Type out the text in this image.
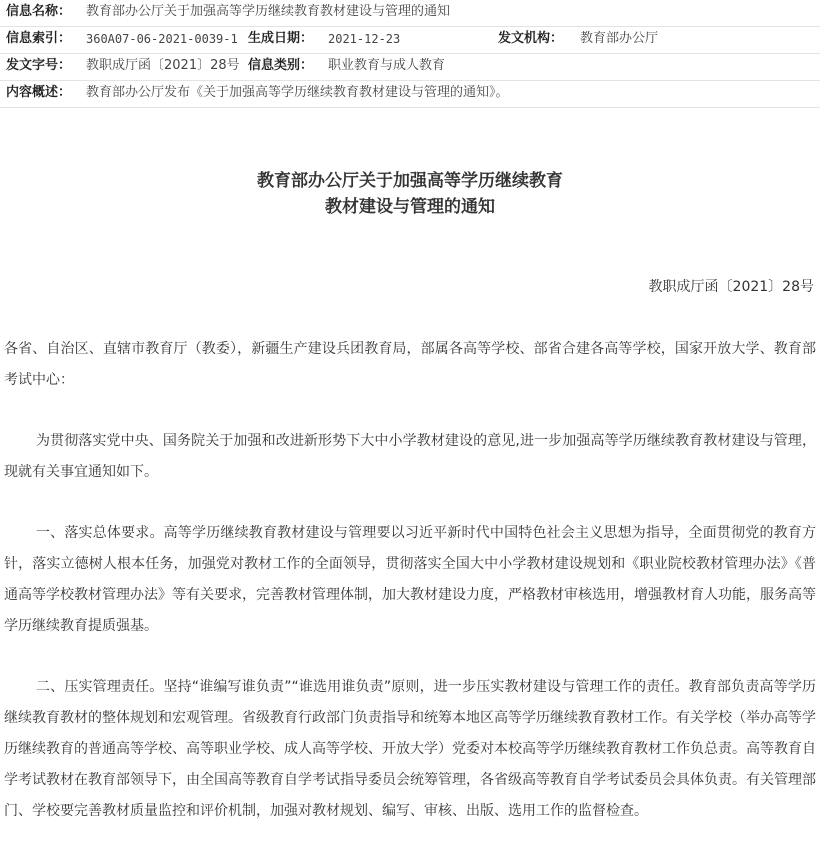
信息名称： 教育部办公厅关于加强高等学历继续教育教材建设与管理的通知
信息索引： 360A07-06-2021-0039-1 生成日期： 2021-12-23	发文机构： 教育部办公厅
发文字号： 教职成厅函〔2021〕28号 信息类别： 职业教育与成人教育
内容概述： 教育部办公厅发布《关于加强高等学历继续教育教材建设与管理的通知》。
教育部办公厅关于加强高等学历继续教育
教材建设与管理的通知
教职成厅函〔2021〕28号

各省、自治区、直辖市教育厅（教委），新疆生产建设兵团教育局，部属各高等学校、部省合建各高等学校，国家开放大学、教育部考试中心：

为贯彻落实党中央、国务院关于加强和改进新形势下大中小学教材建设的意见,进一步加强高等学历继续教育教材建设与管理，现就有关事宜通知如下。

一、落实总体要求。高等学历继续教育教材建设与管理要以习近平新时代中国特色社会主义思想为指导，全面贯彻党的教育方针，落实立德树人根本任务，加强党对教材工作的全面领导，贯彻落实全国大中小学教材建设规划和《职业院校教材管理办法》《普通高等学校教材管理办法》等有关要求，完善教材管理体制，加大教材建设力度，严格教材审核选用，增强教材育人功能，服务高等学历继续教育提质强基。

二、压实管理责任。坚持“谁编写谁负责”“谁选用谁负责”原则，进一步压实教材建设与管理工作的责任。教育部负责高等学历继续教育教材的整体规划和宏观管理。省级教育行政部门负责指导和统筹本地区高等学历继续教育教材工作。有关学校（举办高等学历继续教育的普通高等学校、高等职业学校、成人高等学校、开放大学）党委对本校高等学历继续教育教材工作负总责。高等教育自学考试教材在教育部领导下，由全国高等教育自学考试指导委员会统筹管理，各省级高等教育自学考试委员会具体负责。有关管理部门、学校要完善教材质量监控和评价机制，加强对教材规划、编写、审核、出版、选用工作的监督检查。
